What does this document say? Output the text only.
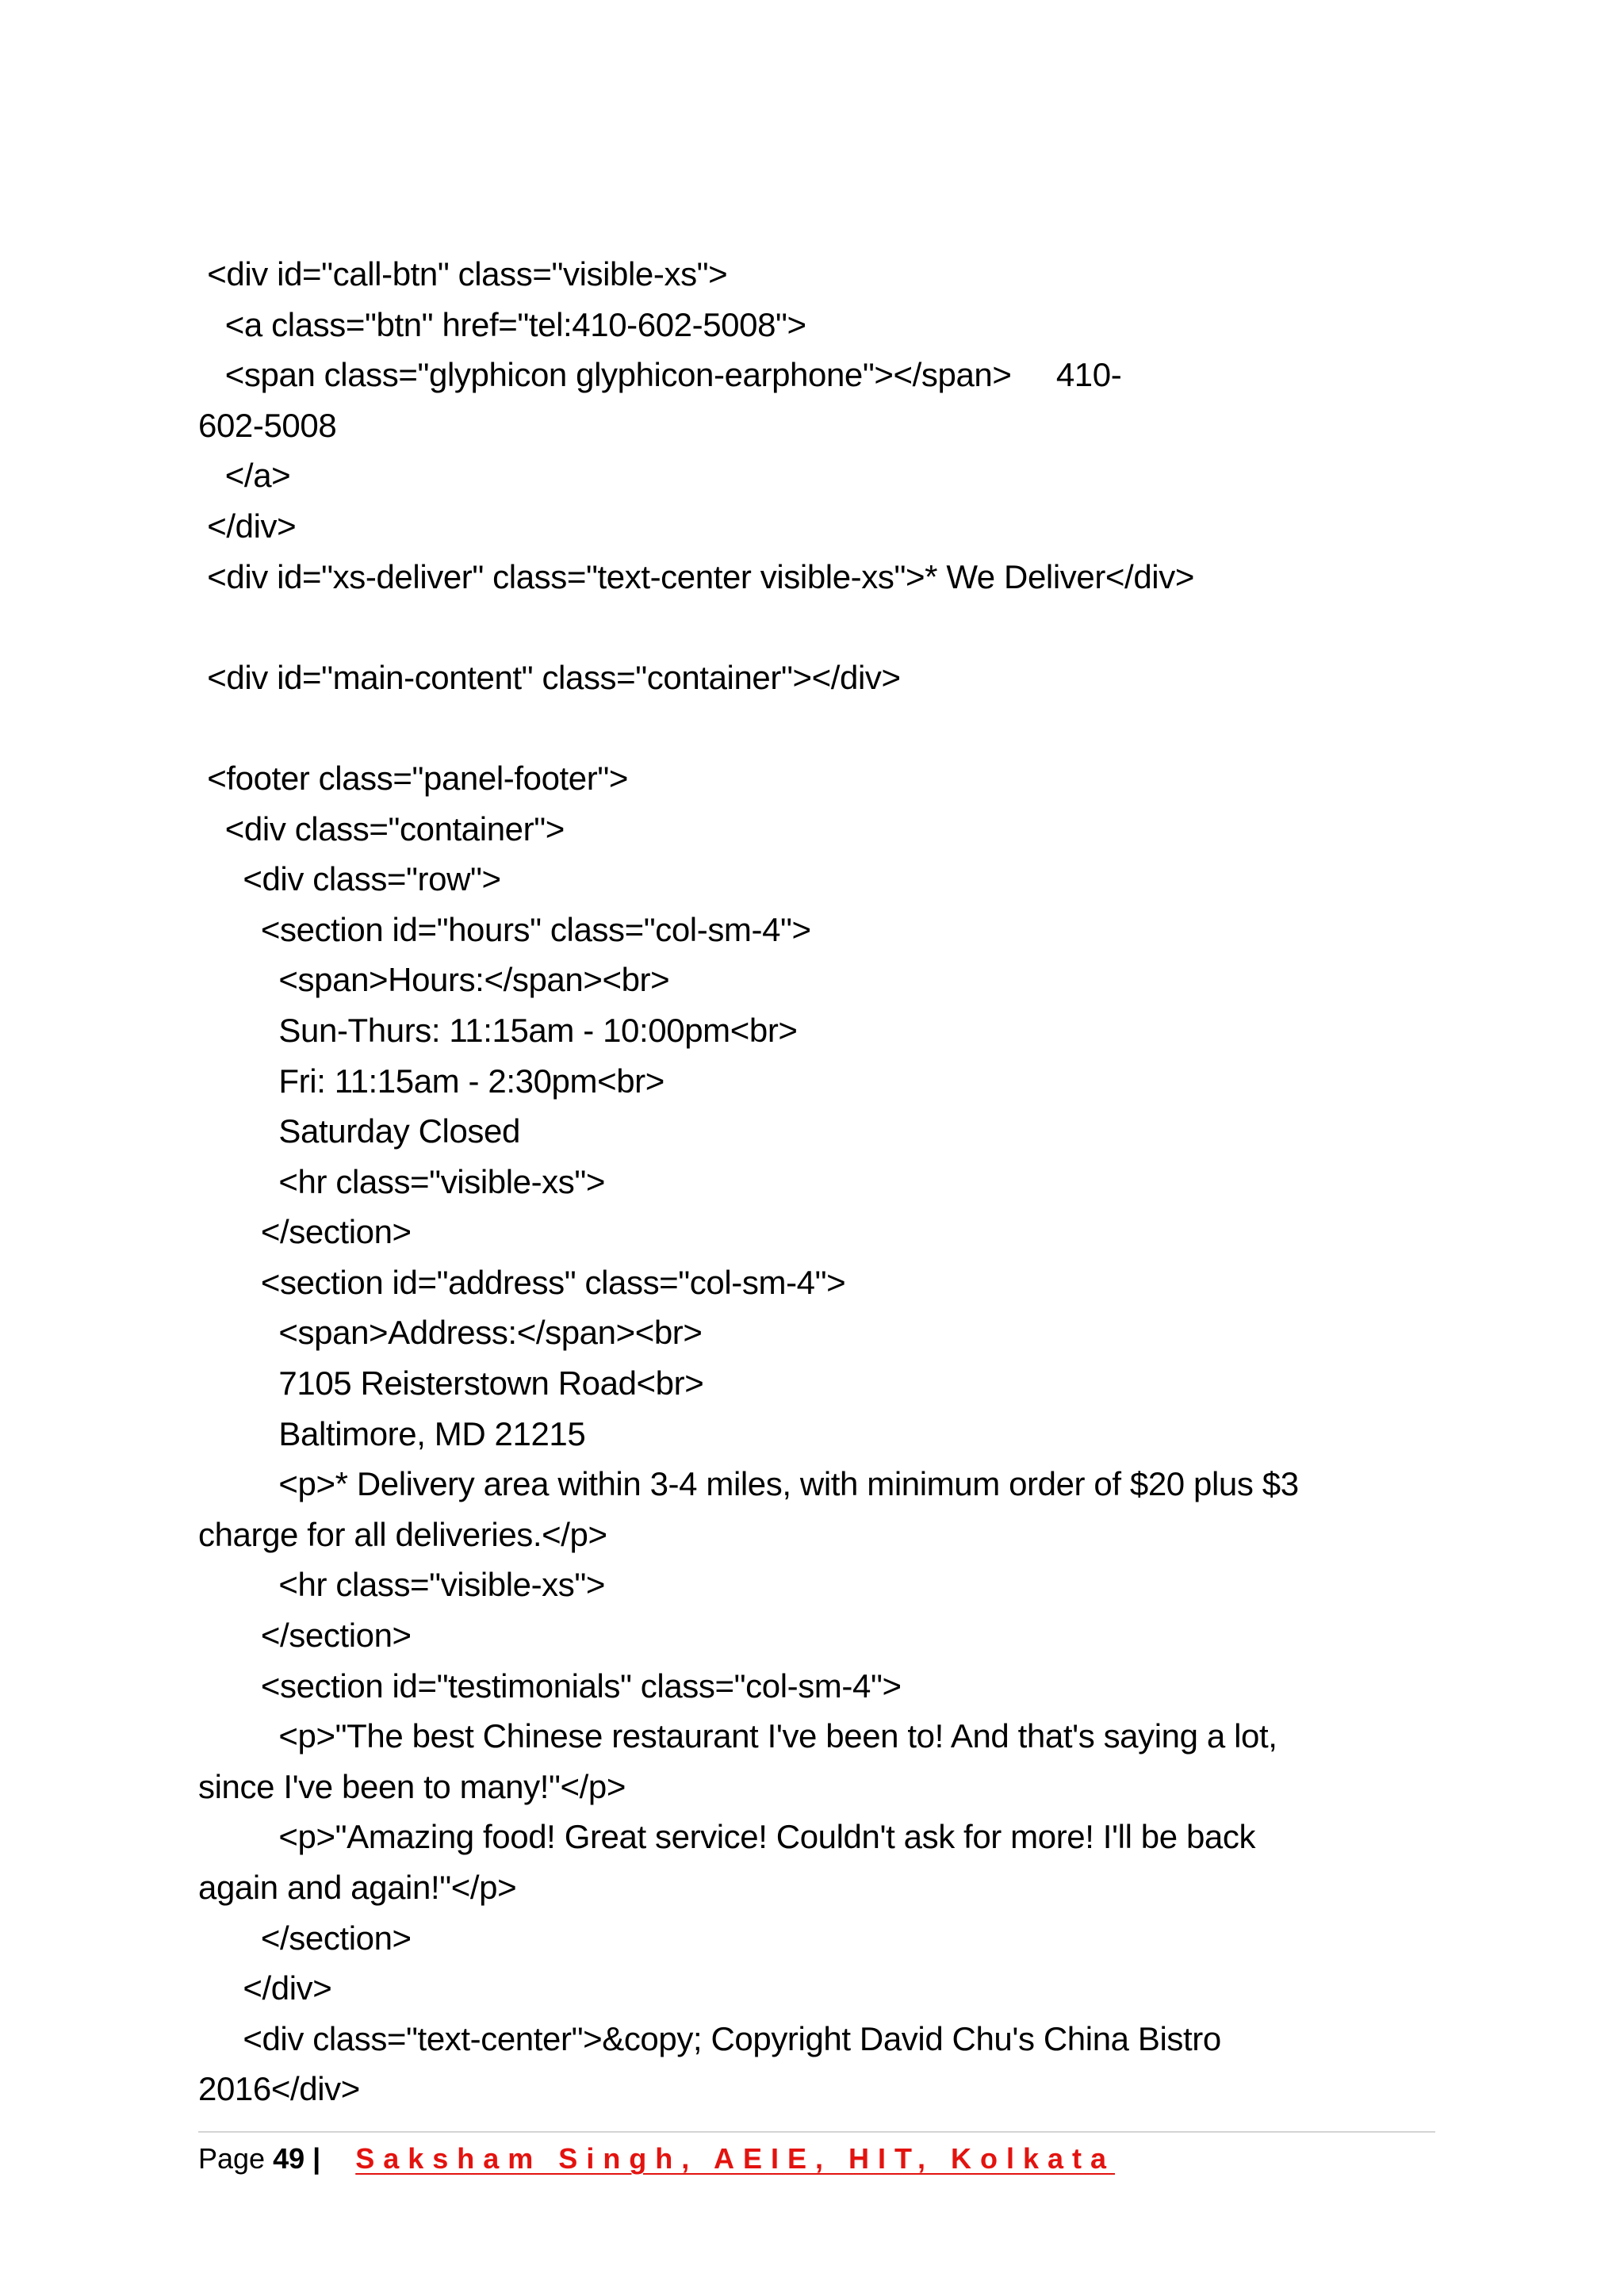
<div id="call-btn" class="visible-xs">
<a class="btn" href="tel:410-602-5008">
<span class="glyphicon glyphicon-earphone"></span>     410-
602-5008
</a>
</div>
<div id="xs-deliver" class="text-center visible-xs">* We Deliver</div>
<div id="main-content" class="container"></div>
<footer class="panel-footer">
<div class="container">
<div class="row">
<section id="hours" class="col-sm-4">
<span>Hours:</span><br>
Sun-Thurs: 11:15am - 10:00pm<br>
Fri: 11:15am - 2:30pm<br>
Saturday Closed
<hr class="visible-xs">
</section>
<section id="address" class="col-sm-4">
<span>Address:</span><br>
7105 Reisterstown Road<br>
Baltimore, MD 21215
<p>* Delivery area within 3-4 miles, with minimum order of $20 plus $3
charge for all deliveries.</p>
<hr class="visible-xs">
</section>
<section id="testimonials" class="col-sm-4">
<p>"The best Chinese restaurant I've been to! And that's saying a lot,
since I've been to many!"</p>
<p>"Amazing food! Great service! Couldn't ask for more! I'll be back
again and again!"</p>
</section>
</div>
<div class="text-center">&copy; Copyright David Chu's China Bistro
2016</div>
Page 49 | Saksham Singh, AEIE, HIT, Kolkata
